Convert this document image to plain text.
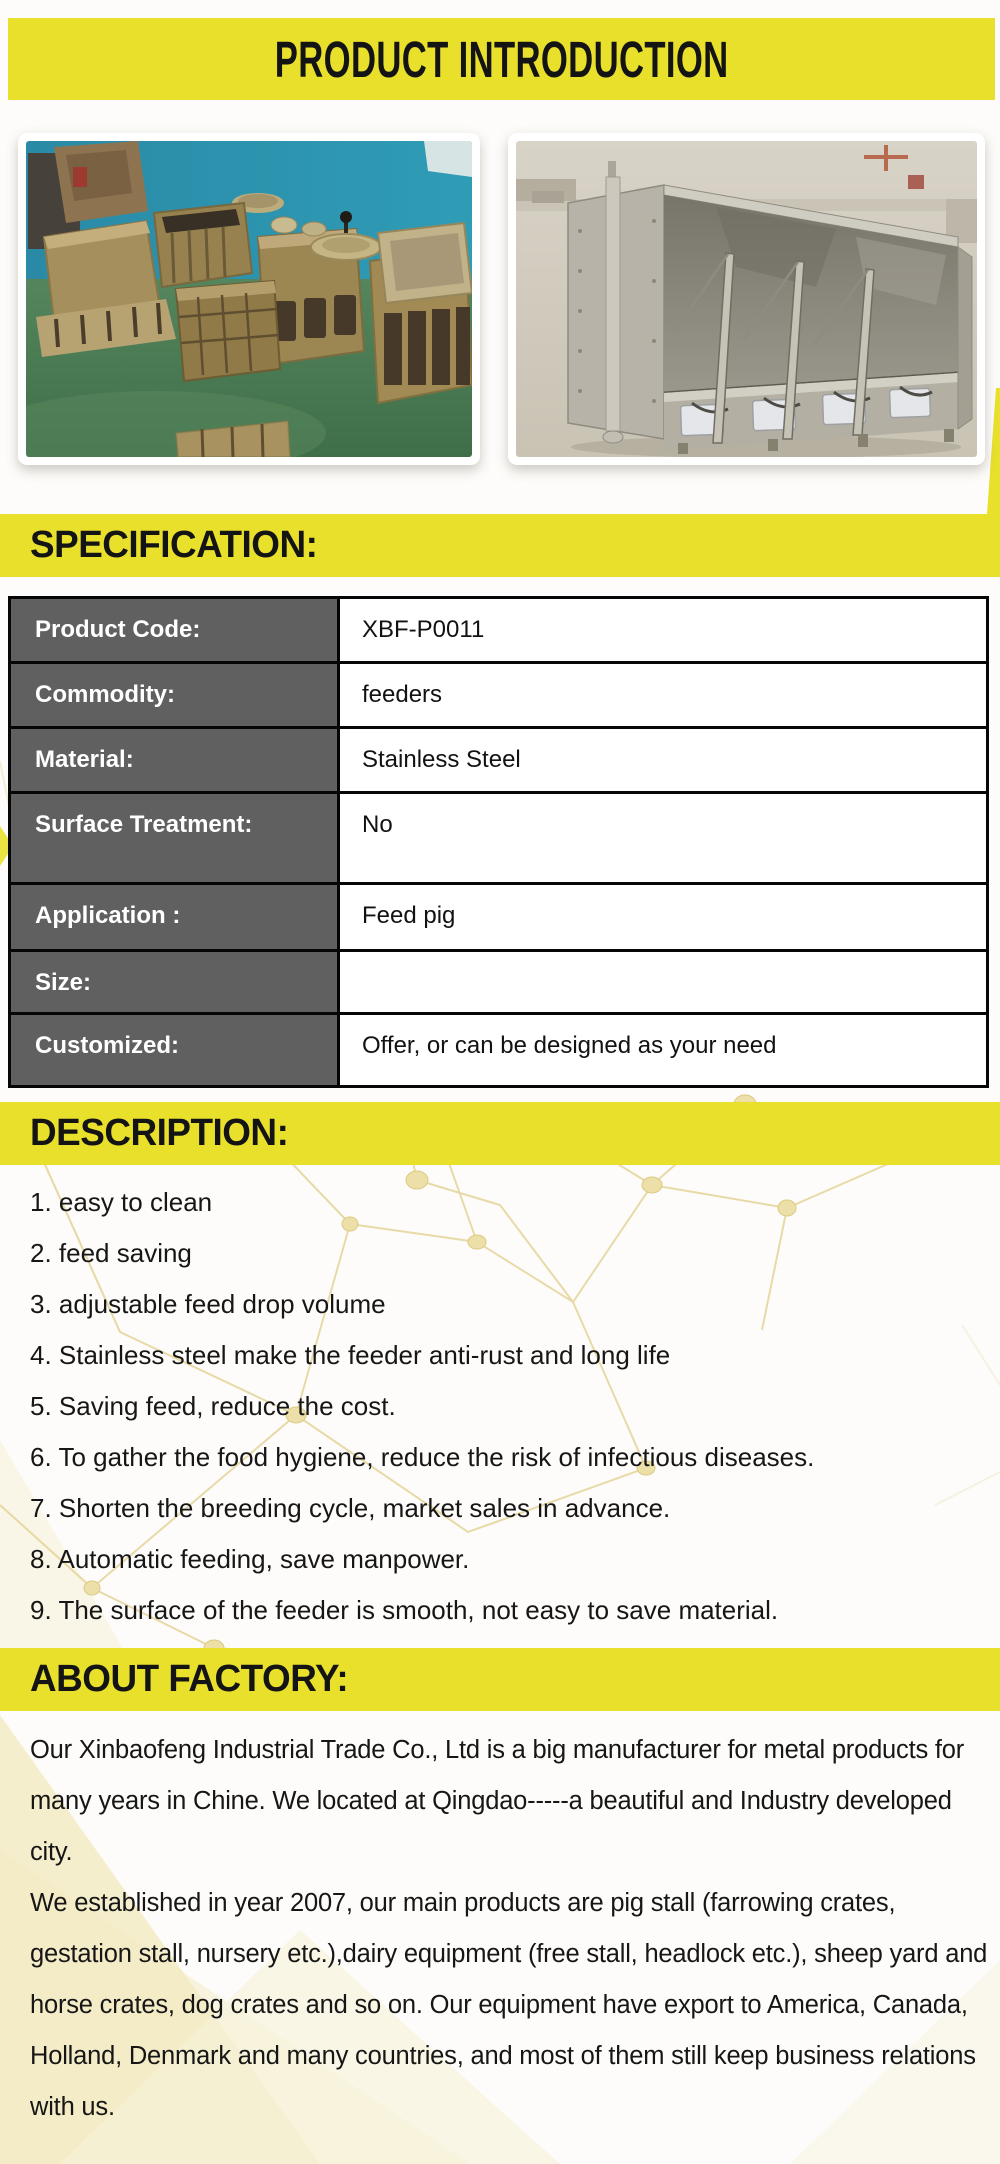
PRODUCT INTRODUCTION
SPECIFICATION:
Product Code:	XBF-P0011
Commodity:	feeders
Material:	Stainless Steel
Surface Treatment:	No
Application :	Feed pig
Size:	
Customized:	Offer, or can be designed as your need
DESCRIPTION:
1. easy to clean
2. feed saving
3. adjustable feed drop volume
4. Stainless steel make the feeder anti-rust and long life
5. Saving feed, reduce the cost.
6. To gather the food hygiene, reduce the risk of infectious diseases.
7. Shorten the breeding cycle, market sales in advance.
8. Automatic feeding, save manpower.
9. The surface of the feeder is smooth, not easy to save material.
ABOUT FACTORY:

Our Xinbaofeng Industrial Trade Co., Ltd is a big manufacturer for metal products for many years in Chine. We located at Qingdao-----a beautiful and Industry developed city.

We established in year 2007, our main products are pig stall (farrowing crates, gestation stall, nursery etc.),dairy equipment (free stall, headlock etc.), sheep yard and horse crates, dog crates and so on. Our equipment have export to America, Canada, Holland, Denmark and many countries, and most of them still keep business relations with us.
